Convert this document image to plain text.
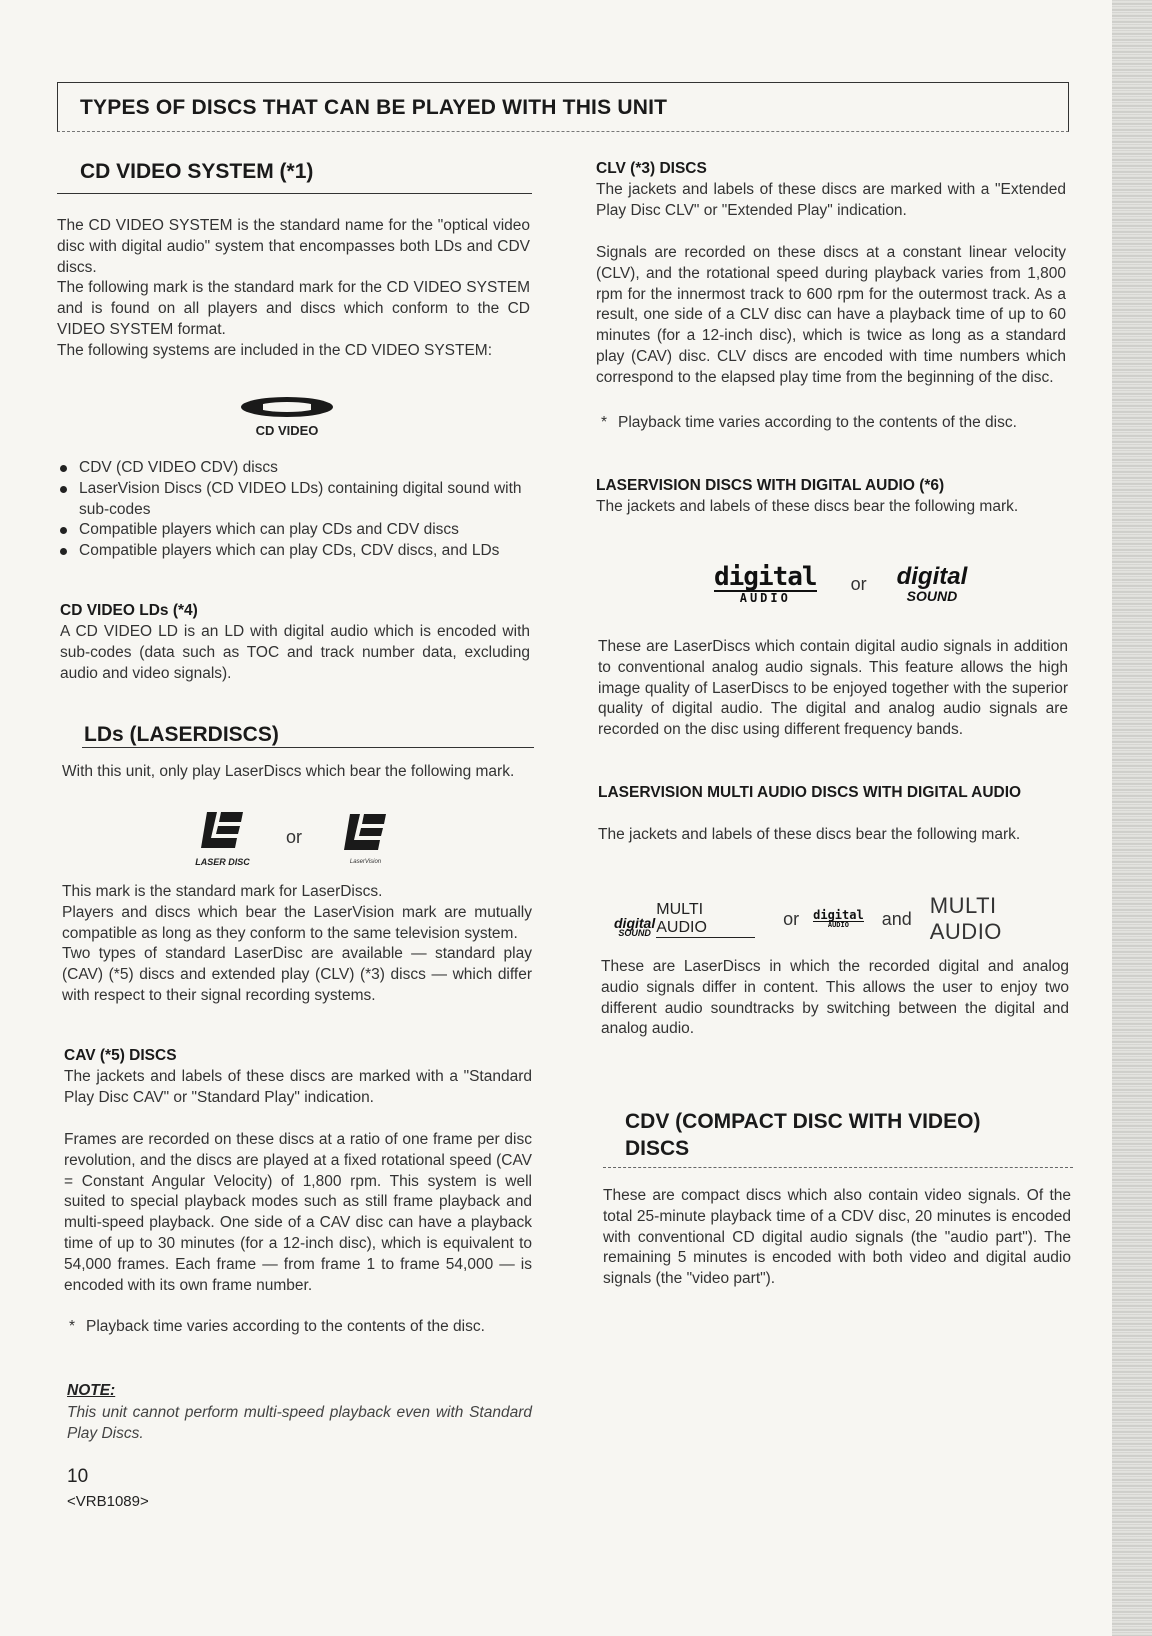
TYPES OF DISCS THAT CAN BE PLAYED WITH THIS UNIT
CD VIDEO SYSTEM (*1)

The CD VIDEO SYSTEM is the standard name for the "optical video disc with digital audio" system that encompasses both LDs and CDV discs.

The following mark is the standard mark for the CD VIDEO SYSTEM and is found on all players and discs which conform to the CD VIDEO SYSTEM format.

The following systems are included in the CD VIDEO SYSTEM:

CD VIDEO
CDV (CD VIDEO CDV) discs
LaserVision Discs (CD VIDEO LDs) containing digital sound with sub-codes
Compatible players which can play CDs and CDV discs
Compatible players which can play CDs, CDV discs, and LDs
CD VIDEO LDs (*4)

A CD VIDEO LD is an LD with digital audio which is encoded with sub-codes (data such as TOC and track number data, excluding audio and video signals).

LDs (LASERDISCS)

With this unit, only play LaserDiscs which bear the following mark.

LASER DISC
or
LaserVision

This mark is the standard mark for LaserDiscs.

Players and discs which bear the LaserVision mark are mutually compatible as long as they conform to the same television system.

Two types of standard LaserDisc are available — standard play (CAV) (*5) discs and extended play (CLV) (*3) discs — which differ with respect to their signal recording systems.

CAV (*5) DISCS

The jackets and labels of these discs are marked with a "Standard Play Disc CAV" or "Standard Play" indication.

Frames are recorded on these discs at a ratio of one frame per disc revolution, and the discs are played at a fixed rotational speed (CAV = Constant Angular Velocity) of 1,800 rpm. This system is well suited to special playback modes such as still frame playback and multi-speed playback. One side of a CAV disc can have a playback time of up to 30 minutes (for a 12-inch disc), which is equivalent to 54,000 frames. Each frame — from frame 1 to frame 54,000 — is encoded with its own frame number.

* Playback time varies according to the contents of the disc.

NOTE:

This unit cannot perform multi-speed playback even with Standard Play Discs.

10
<VRB1089>
CLV (*3) DISCS

The jackets and labels of these discs are marked with a "Extended Play Disc CLV" or "Extended Play" indication.

Signals are recorded on these discs at a constant linear velocity (CLV), and the rotational speed during playback varies from 1,800 rpm for the innermost track to 600 rpm for the outermost track. As a result, one side of a CLV disc can have a playback time of up to 60 minutes (for a 12-inch disc), which is twice as long as a standard play (CAV) disc. CLV discs are encoded with time numbers which correspond to the elapsed play time from the beginning of the disc.

* Playback time varies according to the contents of the disc.

LASERVISION DISCS WITH DIGITAL AUDIO (*6)

The jackets and labels of these discs bear the following mark.

digital
AUDIO
or digital
SOUND

These are LaserDiscs which contain digital audio signals in addition to conventional analog audio signals. This feature allows the high image quality of LaserDiscs to be enjoyed together with the superior quality of digital audio. The digital and analog audio signals are recorded on the disc using different frequency bands.

LASERVISION MULTI AUDIO DISCS WITH DIGITAL AUDIO

The jackets and labels of these discs bear the following mark.

digital
SOUND
MULTI AUDIO	or digital
AUDIO	and
MULTI AUDIO

These are LaserDiscs in which the recorded digital and analog audio signals differ in content. This allows the user to enjoy two different audio soundtracks by switching between the digital and analog audio.

CDV (COMPACT DISC WITH VIDEO)
DISCS

These are compact discs which also contain video signals. Of the total 25-minute playback time of a CDV disc, 20 minutes is encoded with conventional CD digital audio signals (the "audio part"). The remaining 5 minutes is encoded with both video and digital audio signals (the "video part").
